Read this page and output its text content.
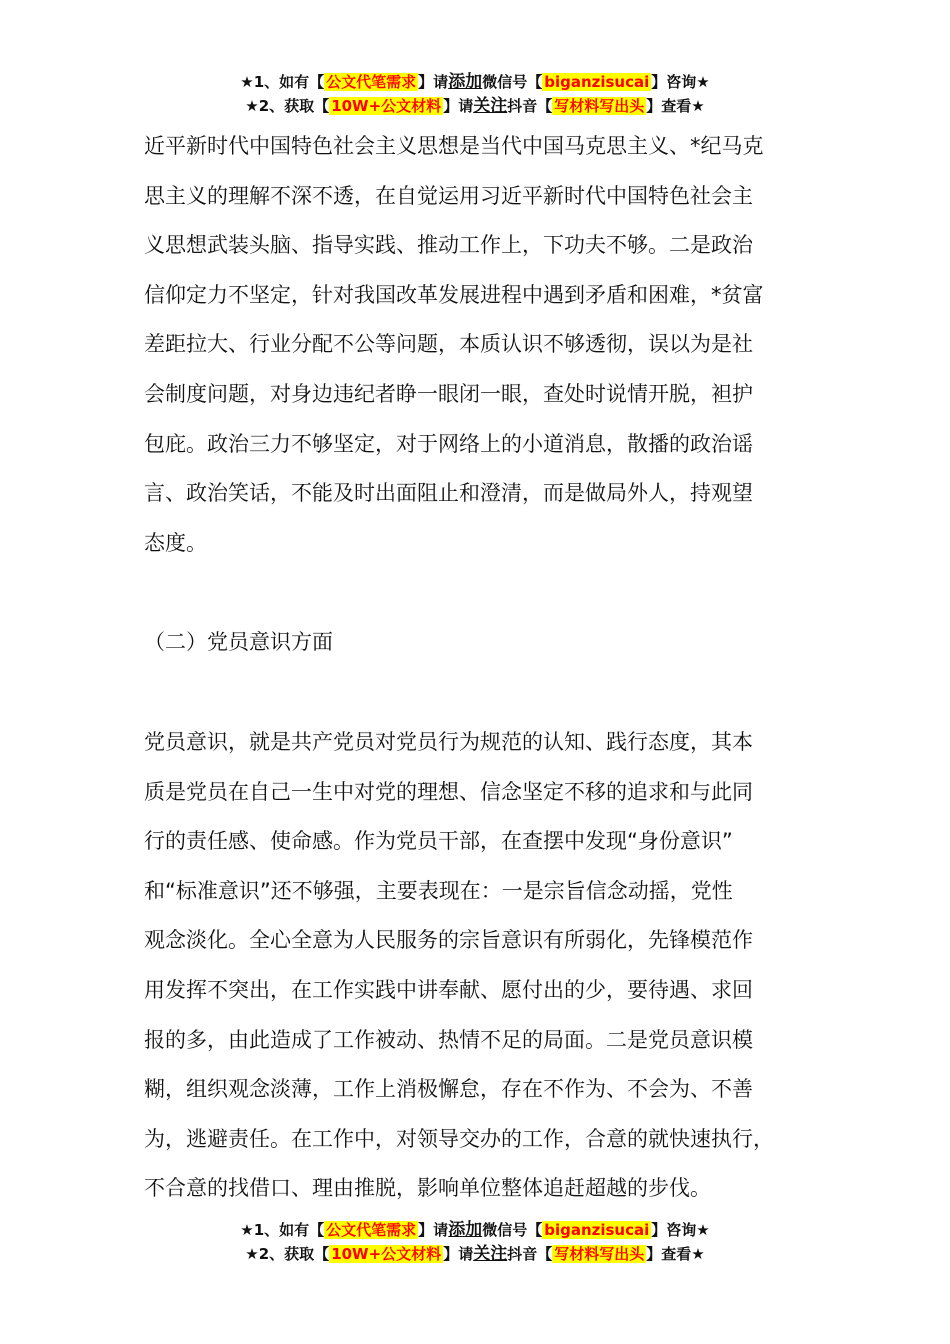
★1、如有【 公文代笔需求 】请添加微信号【 biganzisucai 】咨询★
★2、获取【 10W+公文材料 】请关注抖音【 写材料写出头 】查看★
近平新时代中国特色社会主义思想是当代中国马克思主义、*纪马克
思主义的理解不深不透，在自觉运用习近平新时代中国特色社会主
义思想武装头脑、指导实践、推动工作上，下功夫不够。二是政治
信仰定力不坚定，针对我国改革发展进程中遇到矛盾和困难，*贫富
差距拉大、行业分配不公等问题，本质认识不够透彻，误以为是社
会制度问题，对身边违纪者睁一眼闭一眼，查处时说情开脱，袒护
包庇。政治三力不够坚定，对于网络上的小道消息，散播的政治谣
言、政治笑话，不能及时出面阻止和澄清，而是做局外人，持观望
态度。
（二）党员意识方面
党员意识，就是共产党员对党员行为规范的认知、践行态度，其本
质是党员在自己一生中对党的理想、信念坚定不移的追求和与此同
行的责任感、使命感。作为党员干部，在查摆中发现“身份意识”
和“标准意识”还不够强，主要表现在：一是宗旨信念动摇，党性
观念淡化。全心全意为人民服务的宗旨意识有所弱化，先锋模范作
用发挥不突出，在工作实践中讲奉献、愿付出的少，要待遇、求回
报的多，由此造成了工作被动、热情不足的局面。二是党员意识模
糊，组织观念淡薄，工作上消极懈怠，存在不作为、不会为、不善
为，逃避责任。在工作中，对领导交办的工作，合意的就快速执行，
不合意的找借口、理由推脱，影响单位整体追赶超越的步伐。
★1、如有【 公文代笔需求 】请添加微信号【 biganzisucai 】咨询★
★2、获取【 10W+公文材料 】请关注抖音【 写材料写出头 】查看★
